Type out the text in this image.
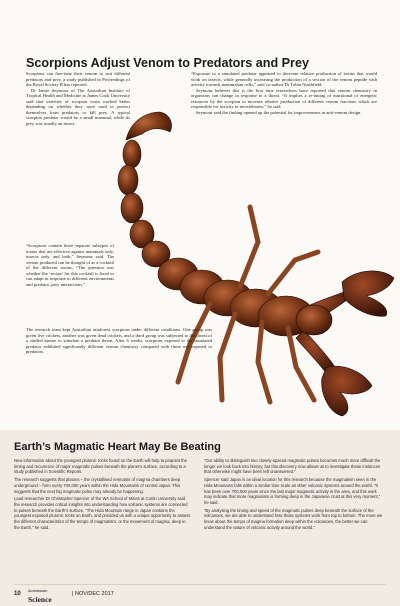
Scorpions Adjust Venom to Predators and Prey

Scorpions can fine-tune their venom to suit different predators and prey, a study published in Proceedings of the Royal Society B has reported.

Dr Jamie Seymour of The Australian Institute of Tropical Health and Medicine at James Cook University said that varieties of scorpion toxin worked better depending on whether they were used to protect themselves from predators or kill prey. A typical scorpion predator would be a small mammal, while its prey was usually an insect.

“Scorpions contain three separate subtypes of toxins that are effective against mammals only, insects only, and both,” Seymour said. The venom produced can be thought of as a cocktail of the different toxins. “The question was whether the ‘recipe’ for this cocktail is fixed or can adapt in response to different environments and predator–prey interactions.”

The research team kept Australian rainforest scorpions under different conditions. One group was given live crickets, another was given dead crickets, and a third group was subjected to the threat of a stuffed mouse to simulate a predator threat. After 6 weeks, scorpions exposed to the simulated predator exhibited significantly different venom chemistry compared with those not exposed to predators.

“Exposure to a simulated predator appeared to decrease relative production of toxins that would work on insects, while generally increasing the production of a section of the venom peptide with activity towards mammalian cells,” said co-author Dr Tobin Northfield.

Seymour believes this is the first time researchers have reported that venom chemistry in organisms can change in response to a threat. “It implies a re-tuning of nutritional or energetic resources by the scorpion to increase relative production of different venom fractions which are responsible for toxicity to invertebrates,” he said.

Seymour said the finding opened up the potential for improvements in anti-venom design.

Earth’s Magmatic Heart May Be Beating

New information about the youngest plutonic rocks found on the Earth will help to pinpoint the timing and recurrence of major magmatic pulses beneath the planet’s surface, according to a study published in Scientific Reports.

The research suggests that plutons – the crystallised remnants of magma chambers deep underground – form every 700,000 years within the Hida Mountains of central Japan. This suggests that the next big magmatic pulse may already be happening.

Lead researcher Dr Christopher Spencer of the WA School of Mines at Curtin University said the research provides critical insights into understanding how volcanic systems are connected to pulses beneath the Earth’s surface. “The Hida Mountain range in Japan contains the youngest exposed plutonic rocks on Earth, and provided us with a unique opportunity to assess the different characteristics of the tempo of magmatism, or the movement of magma, deep in the Earth,” he said.

“Our ability to distinguish two closely-spaced magmatic pulses becomes much more difficult the longer we look back into history, but this discovery now allows us to investigate these instances that otherwise might have been left unanswered.”

Spencer said Japan is an ideal location for this research because the magmatism seen in the Hida Mountains falls within a similar time scale as other volcanic systems around the world. “It has been over 700,000 years since the last major magmatic activity in the area, and this work may indicate that more magmatism is forming deep in the Japanese crust at this very moment,” he said.

“By analysing the timing and speed of the magmatic pulses deep beneath the surface of the volcanoes, we are able to understand how those systems work from top to bottom. The more we know about the tempo of magma formation deep within the volcanoes, the better we can understand the nature of volcanic activity around the world.”

10 $^{Australasian}$
Science
| NOV/DEC 2017
